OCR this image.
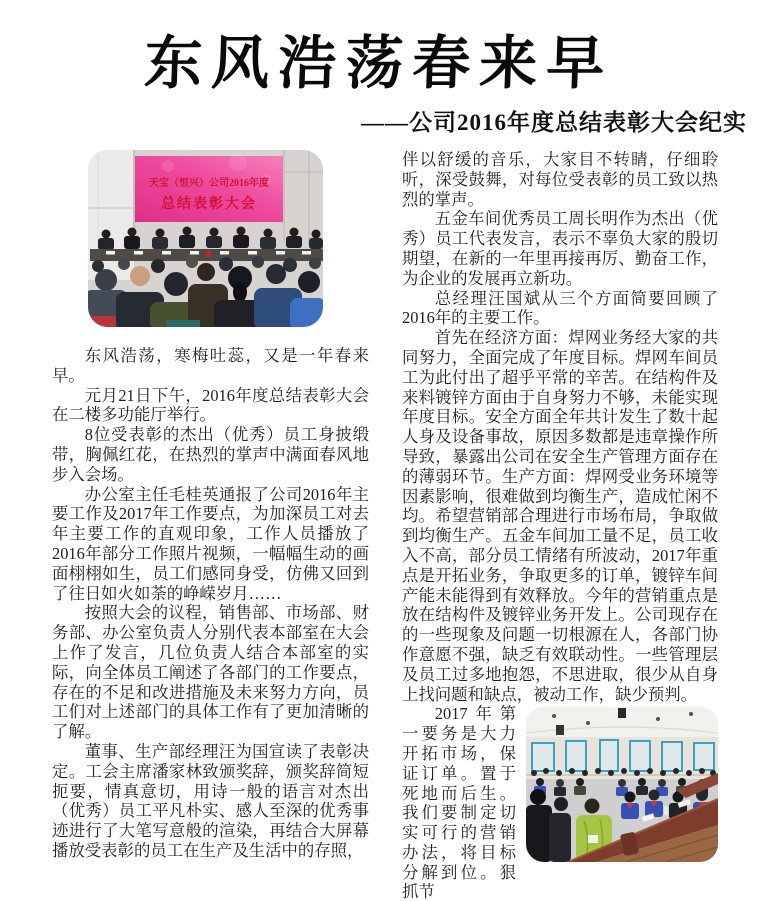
东风浩荡春来早
——公司2016年度总结表彰大会纪实
天宝（恒兴）公司2016年度
总结表彰大会

东风浩荡，寒梅吐蕊，又是一年春来早。

元月21日下午，2016年度总结表彰大会在二楼多功能厅举行。

8位受表彰的杰出（优秀）员工身披缎带，胸佩红花，在热烈的掌声中满面春风地步入会场。

办公室主任毛桂英通报了公司2016年主要工作及2017年工作要点，为加深员工对去年主要工作的直观印象，工作人员播放了2016年部分工作照片视频，一幅幅生动的画面栩栩如生，员工们感同身受，仿佛又回到了往日如火如荼的峥嵘岁月……

按照大会的议程，销售部、市场部、财务部、办公室负责人分别代表本部室在大会上作了发言，几位负责人结合本部室的实际，向全体员工阐述了各部门的工作要点，存在的不足和改进措施及未来努力方向，员工们对上述部门的具体工作有了更加清晰的了解。

董事、生产部经理汪为国宣读了表彰决定。工会主席潘家林致颁奖辞，颁奖辞简短扼要，情真意切，用诗一般的语言对杰出（优秀）员工平凡朴实、感人至深的优秀事迹进行了大笔写意般的渲染，再结合大屏幕播放受表彰的员工在生产及生活中的存照，

伴以舒缓的音乐，大家目不转睛，仔细聆听，深受鼓舞，对每位受表彰的员工致以热烈的掌声。

五金车间优秀员工周长明作为杰出（优秀）员工代表发言，表示不辜负大家的殷切期望，在新的一年里再接再厉、勤奋工作，为企业的发展再立新功。

总经理汪国斌从三个方面简要回顾了2016年的主要工作。

首先在经济方面：焊网业务经大家的共同努力，全面完成了年度目标。焊网车间员工为此付出了超乎平常的辛苦。在结构件及来料镀锌方面由于自身努力不够，未能实现年度目标。安全方面全年共计发生了数十起人身及设备事故，原因多数都是违章操作所导致，暴露出公司在安全生产管理方面存在的薄弱环节。生产方面：焊网受业务环境等因素影响，很难做到均衡生产，造成忙闲不均。希望营销部合理进行市场布局，争取做到均衡生产。五金车间加工量不足，员工收入不高，部分员工情绪有所波动，2017年重点是开拓业务，争取更多的订单，镀锌车间产能未能得到有效释放。今年的营销重点是放在结构件及镀锌业务开发上。公司现存在的一些现象及问题一切根源在人，各部门协作意愿不强，缺乏有效联动性。一些管理层及员工过多地抱怨，不思进取，很少从自身上找问题和缺点，被动工作，缺少预判。

2017年第一要务是大力开拓市场，保证订单。置于死地而后生。我们要制定切实可行的营销办法，将目标分解到位。狠抓节
